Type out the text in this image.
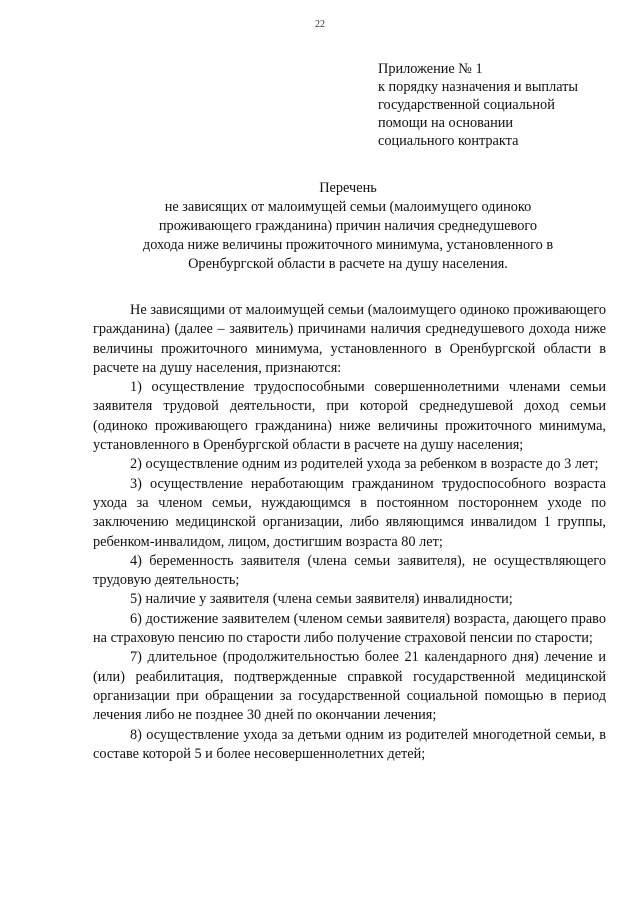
22
Приложение № 1
к порядку назначения и выплаты
государственной социальной
помощи на основании
социального контракта
Перечень
не зависящих от малоимущей семьи (малоимущего одиноко
проживающего гражданина) причин наличия среднедушевого
дохода ниже величины прожиточного минимума, установленного в
Оренбургской области в расчете на душу населения.

Не зависящими от малоимущей семьи (малоимущего одиноко проживающего гражданина) (далее – заявитель) причинами наличия среднедушевого дохода ниже величины прожиточного минимума, установленного в Оренбургской области в расчете на душу населения, признаются:

1) осуществление трудоспособными совершеннолетними членами семьи заявителя трудовой деятельности, при которой среднедушевой доход семьи (одиноко проживающего гражданина) ниже величины прожиточного минимума, установленного в Оренбургской области в расчете на душу населения;

2) осуществление одним из родителей ухода за ребенком в возрасте до 3 лет;

3) осуществление неработающим гражданином трудоспособного возраста ухода за членом семьи, нуждающимся в постоянном постороннем уходе по заключению медицинской организации, либо являющимся инвалидом 1 группы, ребенком-инвалидом, лицом, достигшим возраста 80 лет;

4) беременность заявителя (члена семьи заявителя), не осуществляющего трудовую деятельность;

5) наличие у заявителя (члена семьи заявителя) инвалидности;

6) достижение заявителем (членом семьи заявителя) возраста, дающего право на страховую пенсию по старости либо получение страховой пенсии по старости;

7) длительное (продолжительностью более 21 календарного дня) лечение и (или) реабилитация, подтвержденные справкой государственной медицинской организации при обращении за государственной социальной помощью в период лечения либо не позднее 30 дней по окончании лечения;

8) осуществление ухода за детьми одним из родителей многодетной семьи, в составе которой 5 и более несовершеннолетних детей;
